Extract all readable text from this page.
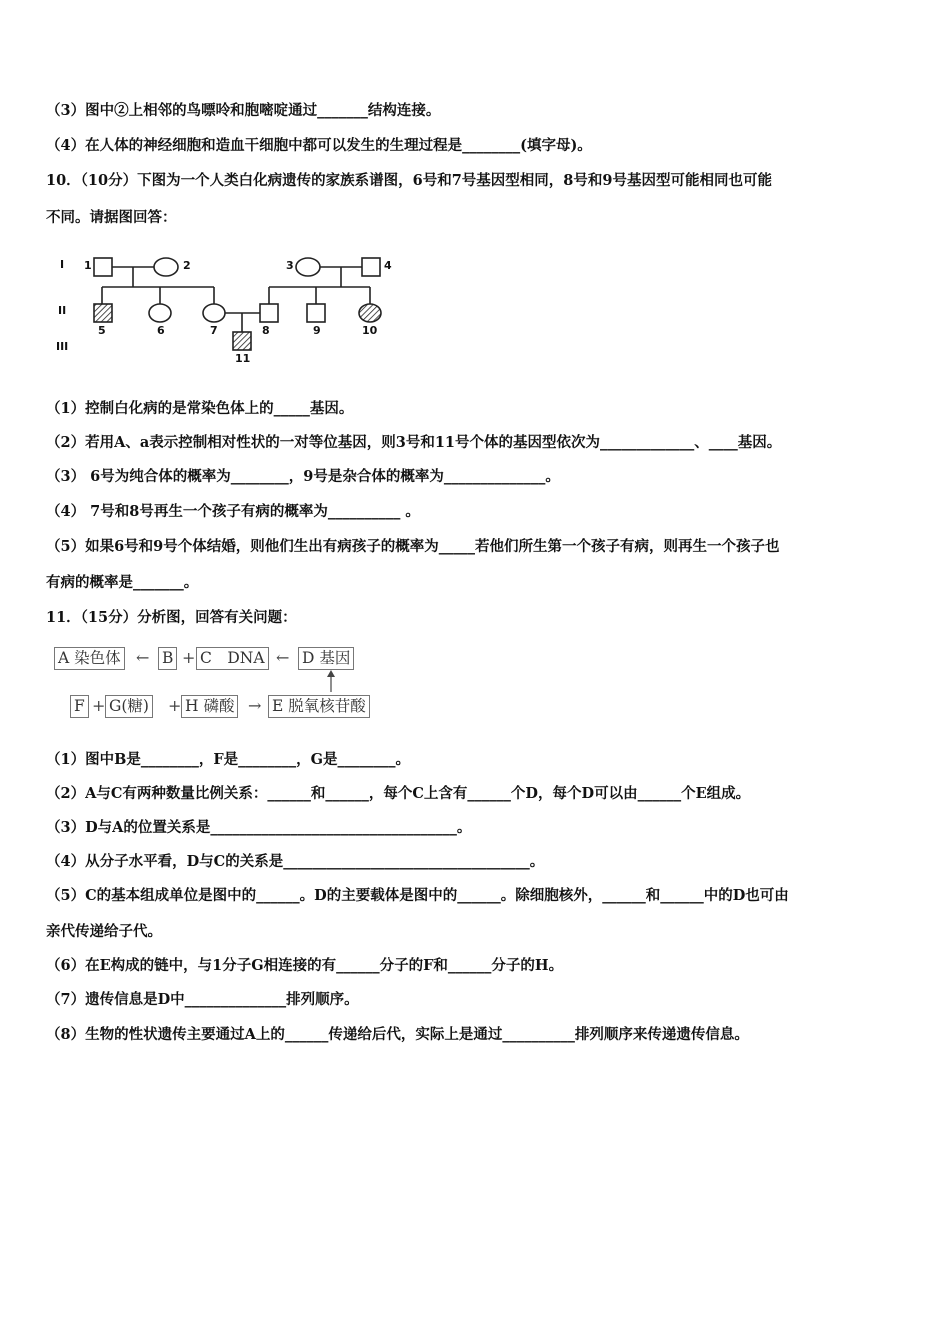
（3）图中②上相邻的鸟嘌呤和胞嘧啶通过_______结构连接。
（4）在人体的神经细胞和造血干细胞中都可以发生的生理过程是________(填字母)。
10．（10分）下图为一个人类白化病遗传的家族系谱图，6号和7号基因型相同，8号和9号基因型可能相同也可能
不同。请据图回答：
I
II
III
1	2	3	4
5	6	7	8	9	10
11
（1）控制白化病的是常染色体上的_____基因。
（2）若用A、a表示控制相对性状的一对等位基因，则3号和11号个体的基因型依次为_____________、____基因。
（3） 6号为纯合体的概率为________，9号是杂合体的概率为______________。
（4） 7号和8号再生一个孩子有病的概率为__________ 。
（5）如果6号和9号个体结婚，则他们生出有病孩子的概率为_____若他们所生第一个孩子有病，则再生一个孩子也
有病的概率是_______。
11．（15分）分析图，回答有关问题：
A 染色体 ← B + C　DNA ← D 基因
F + G(糖) + H 磷酸 → E 脱氧核苷酸
（1）图中B是________，F是________，G是________。
（2）A与C有两种数量比例关系：______和______，每个C上含有______个D，每个D可以由______个E组成。
（3）D与A的位置关系是__________________________________。
（4）从分子水平看，D与C的关系是__________________________________。
（5）C的基本组成单位是图中的______。D的主要载体是图中的______。除细胞核外，______和______中的D也可由
亲代传递给子代。
（6）在E构成的链中，与1分子G相连接的有______分子的F和______分子的H。
（7）遗传信息是D中______________排列顺序。
（8）生物的性状遗传主要通过A上的______传递给后代，实际上是通过__________排列顺序来传递遗传信息。
